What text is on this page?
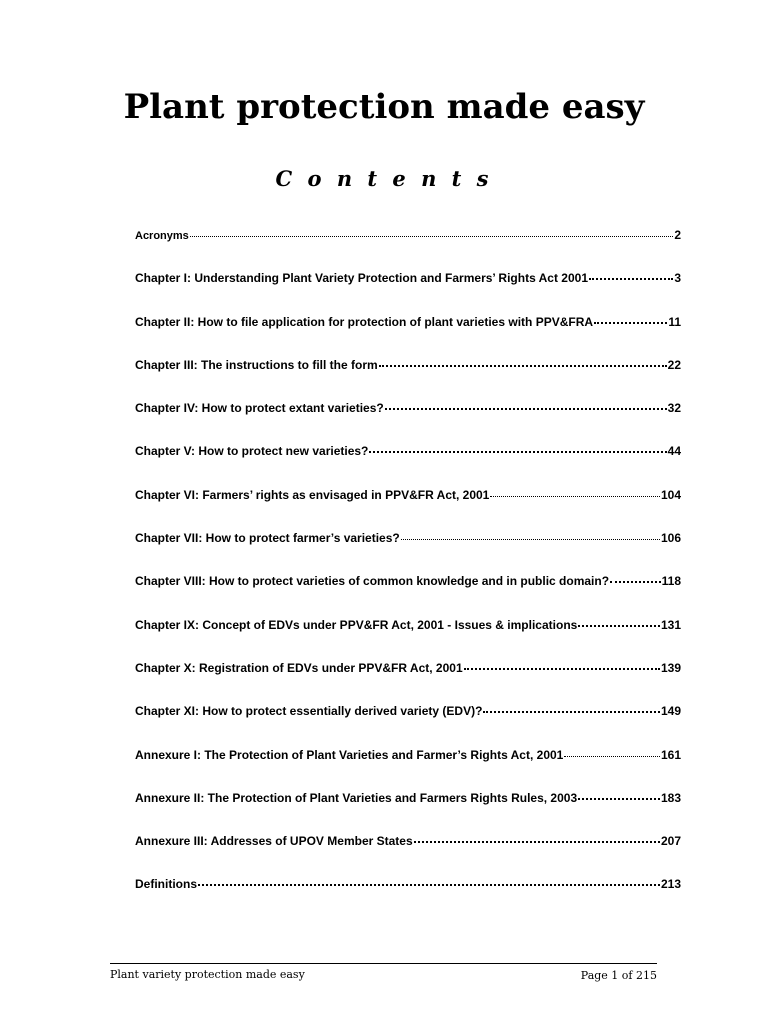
Plant protection made easy
C o n t e n t s
Acronyms	2
Chapter I: Understanding Plant Variety Protection and Farmers’ Rights Act 2001	3
Chapter II: How to file application for protection of plant varieties with PPV&FRA	11
Chapter III: The instructions to fill the form	22
Chapter IV: How to protect extant varieties?	32
Chapter V: How to protect new varieties?	44
Chapter VI: Farmers’ rights as envisaged in PPV&FR Act, 2001	104
Chapter VII: How to protect farmer’s varieties?	106
Chapter VIII: How to protect varieties of common knowledge and in public domain?	118
Chapter IX: Concept of EDVs under PPV&FR Act, 2001 - Issues & implications	131
Chapter X: Registration of EDVs under PPV&FR Act, 2001	139
Chapter XI: How to protect essentially derived variety (EDV)?	149
Annexure I: The Protection of Plant Varieties and Farmer’s Rights Act, 2001	161
Annexure II: The Protection of Plant Varieties and Farmers Rights Rules, 2003	183
Annexure III: Addresses of UPOV Member States	207
Definitions	213
Plant variety protection made easy	Page 1 of 215
